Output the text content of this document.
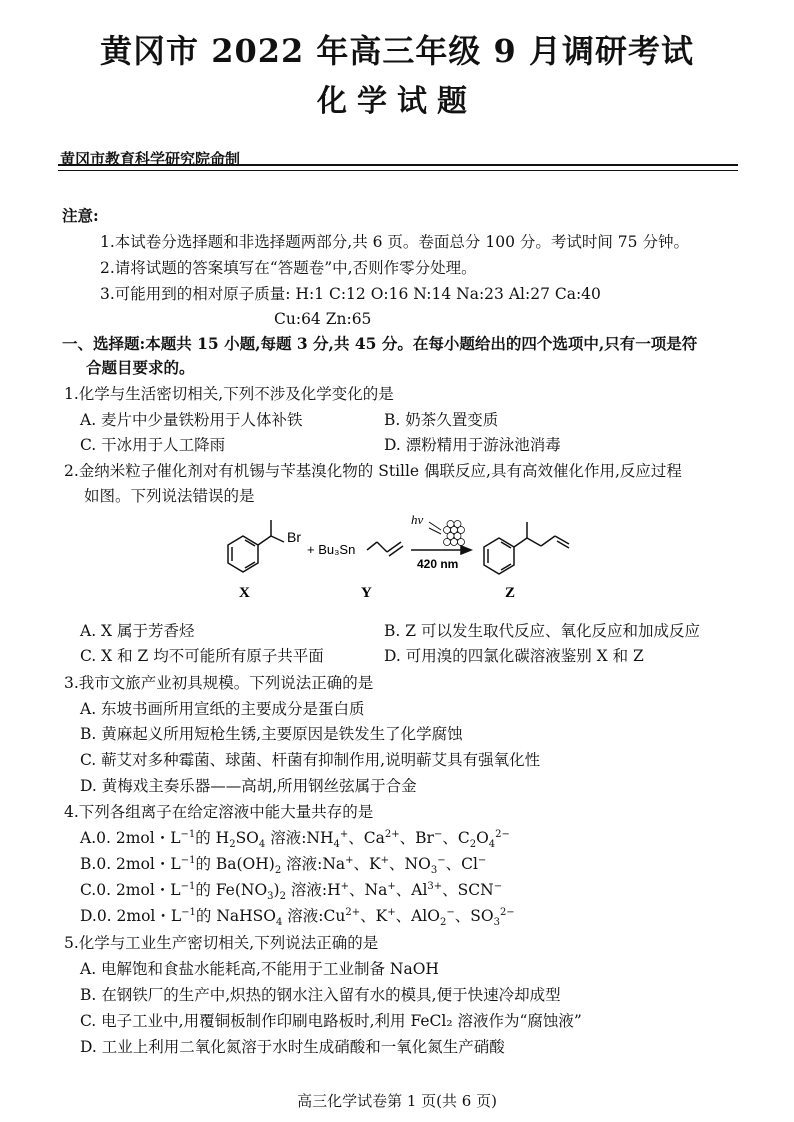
黄冈市 2022 年高三年级 9 月调研考试
化学试题
黄冈市教育科学研究院命制
注意:
1.本试卷分选择题和非选择题两部分,共 6 页。卷面总分 100 分。考试时间 75 分钟。
2.请将试题的答案填写在“答题卷”中,否则作零分处理。
3.可能用到的相对原子质量: H:1 C:12 O:16 N:14 Na:23 Al:27 Ca:40
Cu:64 Zn:65
一、选择题:本题共 15 小题,每题 3 分,共 45 分。在每小题给出的四个选项中,只有一项是符
合题目要求的。
1.化学与生活密切相关,下列不涉及化学变化的是
A. 麦片中少量铁粉用于人体补铁	B. 奶茶久置变质
C. 干冰用于人工降雨	D. 漂粉精用于游泳池消毒
2.金纳米粒子催化剂对有机锡与苄基溴化物的 Stille 偶联反应,具有高效催化作用,反应过程
如图。下列说法错误的是
Br
X
+ Bu₃Sn
Y
hν
420 nm
Z
A. X 属于芳香烃	B. Z 可以发生取代反应、氧化反应和加成反应
C. X 和 Z 均不可能所有原子共平面	D. 可用溴的四氯化碳溶液鉴别 X 和 Z
3.我市文旅产业初具规模。下列说法正确的是
A. 东坡书画所用宣纸的主要成分是蛋白质
B. 黄麻起义所用短枪生锈,主要原因是铁发生了化学腐蚀
C. 蕲艾对多种霉菌、球菌、杆菌有抑制作用,说明蕲艾具有强氧化性
D. 黄梅戏主奏乐器——高胡,所用钢丝弦属于合金
4.下列各组离子在给定溶液中能大量共存的是
A.0. 2mol・$L^{-1}$的 $H_2SO_4$ 溶液$:NH_4^+$、$Ca^{2+}$、Br−、$C_2O_4^{2-}$
B.0. 2mol・$L^{-1}$的 $Ba(OH)_2$ 溶液:Na+、K+、$NO_3^-$、Cl−
C.0. 2mol・$L^{-1}$的 $Fe(NO_3)_2$ 溶液:H+、Na+、$Al^{3+}$、SCN−
D.0. 2mol・$L^{-1}$的 NaHSO$_4$ 溶液$:Cu^{2+}$、K+、AlO$_2$−、$SO_3^{2-}$
5.化学与工业生产密切相关,下列说法正确的是
A. 电解饱和食盐水能耗高,不能用于工业制备 NaOH
B. 在钢铁厂的生产中,炽热的钢水注入留有水的模具,便于快速冷却成型
C. 电子工业中,用覆铜板制作印刷电路板时,利用 FeCl₂ 溶液作为“腐蚀液”
D. 工业上利用二氧化氮溶于水时生成硝酸和一氧化氮生产硝酸
高三化学试卷第 1 页(共 6 页)
